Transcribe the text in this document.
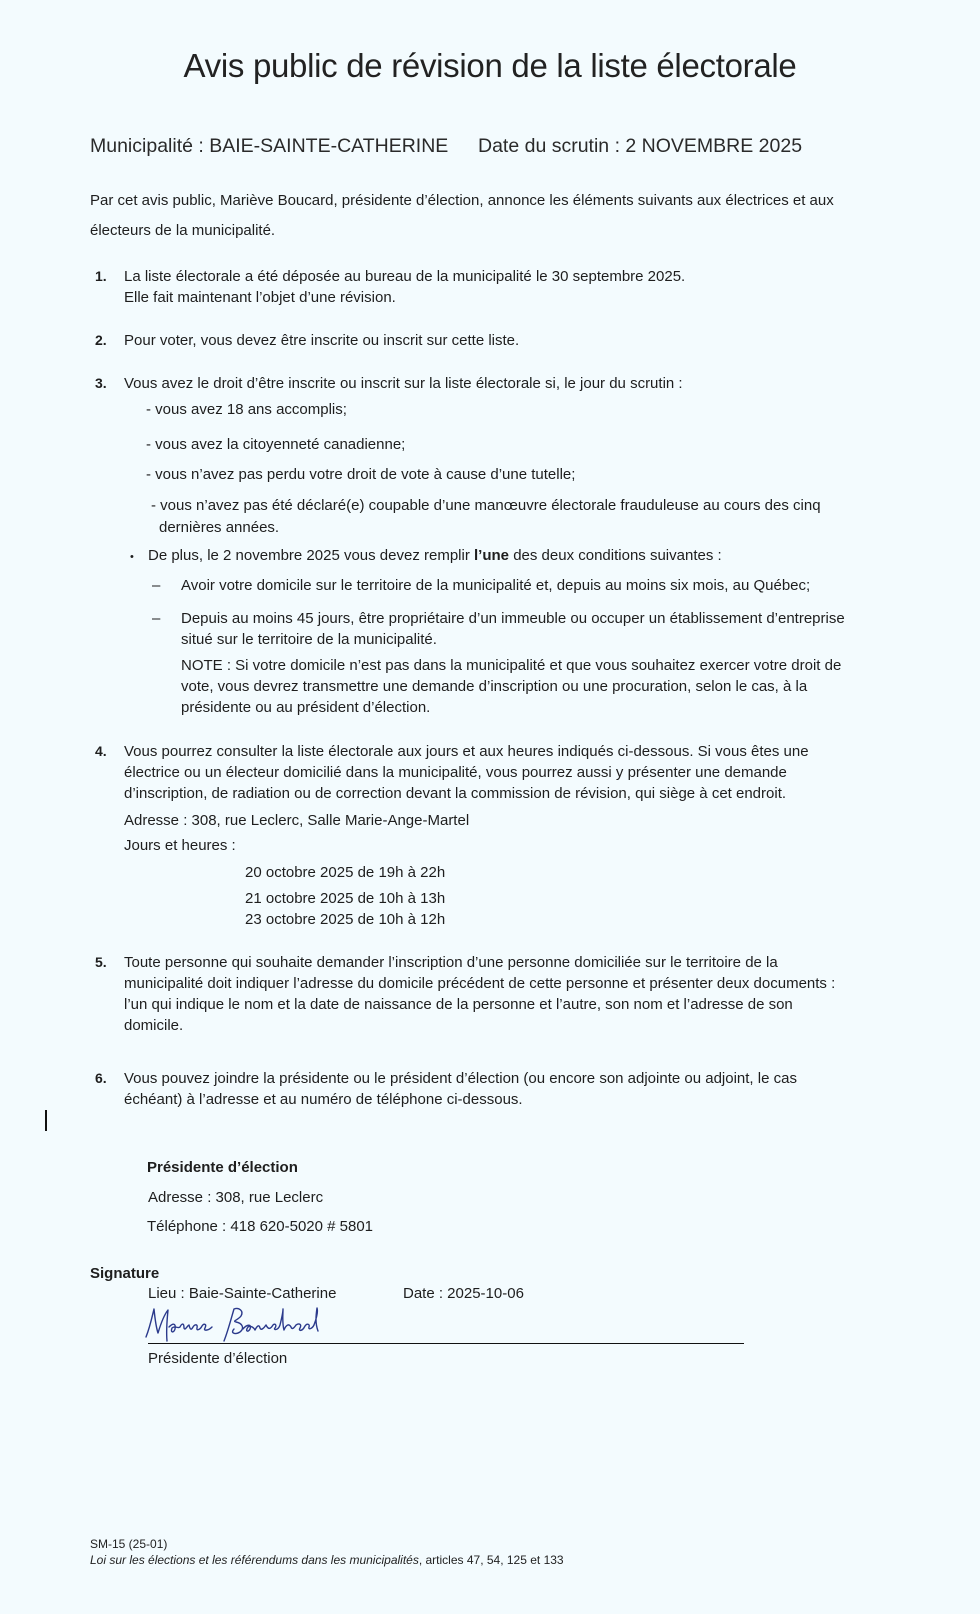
Avis public de révision de la liste électorale
Municipalité : BAIE-SAINTE-CATHERINE Date du scrutin : 2 NOVEMBRE 2025
Par cet avis public, Mariève Boucard, présidente d’élection, annonce les éléments suivants aux électrices et aux
électeurs de la municipalité.
1. La liste électorale a été déposée au bureau de la municipalité le 30 septembre 2025.
Elle fait maintenant l’objet d’une révision.
2. Pour voter, vous devez être inscrite ou inscrit sur cette liste.
3. Vous avez le droit d’être inscrite ou inscrit sur la liste électorale si, le jour du scrutin :
- vous avez 18 ans accomplis;
- vous avez la citoyenneté canadienne;
- vous n’avez pas perdu votre droit de vote à cause d’une tutelle;
- vous n’avez pas été déclaré(e) coupable d’une manœuvre électorale frauduleuse au cours des cinq
dernières années.
• De plus, le 2 novembre 2025 vous devez remplir l’une des deux conditions suivantes :
– Avoir votre domicile sur le territoire de la municipalité et, depuis au moins six mois, au Québec;
– Depuis au moins 45 jours, être propriétaire d’un immeuble ou occuper un établissement d’entreprise
situé sur le territoire de la municipalité.
NOTE : Si votre domicile n’est pas dans la municipalité et que vous souhaitez exercer votre droit de
vote, vous devrez transmettre une demande d’inscription ou une procuration, selon le cas, à la
présidente ou au président d’élection.
4. Vous pourrez consulter la liste électorale aux jours et aux heures indiqués ci-dessous. Si vous êtes une
électrice ou un électeur domicilié dans la municipalité, vous pourrez aussi y présenter une demande
d’inscription, de radiation ou de correction devant la commission de révision, qui siège à cet endroit.
Adresse : 308, rue Leclerc, Salle Marie-Ange-Martel
Jours et heures :
20 octobre 2025 de 19h à 22h
21 octobre 2025 de 10h à 13h
23 octobre 2025 de 10h à 12h
5. Toute personne qui souhaite demander l’inscription d’une personne domiciliée sur le territoire de la
municipalité doit indiquer l’adresse du domicile précédent de cette personne et présenter deux documents :
l’un qui indique le nom et la date de naissance de la personne et l’autre, son nom et l’adresse de son
domicile.
6. Vous pouvez joindre la présidente ou le président d’élection (ou encore son adjointe ou adjoint, le cas
échéant) à l’adresse et au numéro de téléphone ci-dessous.
Présidente d’élection
Adresse : 308, rue Leclerc
Téléphone : 418 620-5020 # 5801
Signature
Lieu : Baie-Sainte-Catherine	Date : 2025-10-06
Présidente d’élection
SM-15 (25-01)
Loi sur les élections et les référendums dans les municipalités, articles 47, 54, 125 et 133
